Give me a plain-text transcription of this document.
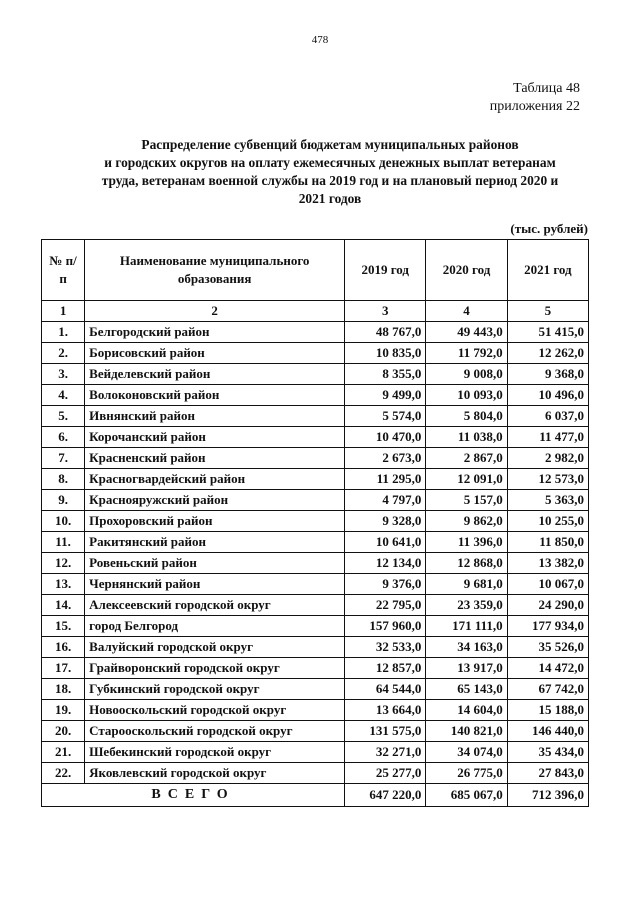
478
Таблица 48
приложения 22
Распределение субвенций бюджетам муниципальных районов
и городских округов на оплату ежемесячных денежных выплат ветеранам
труда, ветеранам военной службы на 2019 год и на плановый период 2020 и
2021 годов
(тыс. рублей)
№ п/п	Наименование муниципального образования	2019 год	2020 год	2021 год
1	2	3	4	5
1.	Белгородский район	48 767,0	49 443,0	51 415,0
2.	Борисовский район	10 835,0	11 792,0	12 262,0
3.	Вейделевский район	8 355,0	9 008,0	9 368,0
4.	Волоконовский район	9 499,0	10 093,0	10 496,0
5.	Ивнянский район	5 574,0	5 804,0	6 037,0
6.	Корочанский район	10 470,0	11 038,0	11 477,0
7.	Красненский район	2 673,0	2 867,0	2 982,0
8.	Красногвардейский район	11 295,0	12 091,0	12 573,0
9.	Краснояружский район	4 797,0	5 157,0	5 363,0
10.	Прохоровский район	9 328,0	9 862,0	10 255,0
11.	Ракитянский район	10 641,0	11 396,0	11 850,0
12.	Ровеньский район	12 134,0	12 868,0	13 382,0
13.	Чернянский район	9 376,0	9 681,0	10 067,0
14.	Алексеевский городской округ	22 795,0	23 359,0	24 290,0
15.	город Белгород	157 960,0	171 111,0	177 934,0
16.	Валуйский городской округ	32 533,0	34 163,0	35 526,0
17.	Грайворонский городской округ	12 857,0	13 917,0	14 472,0
18.	Губкинский городской округ	64 544,0	65 143,0	67 742,0
19.	Новооскольский городской округ	13 664,0	14 604,0	15 188,0
20.	Старооскольский городской округ	131 575,0	140 821,0	146 440,0
21.	Шебекинский городской округ	32 271,0	34 074,0	35 434,0
22.	Яковлевский городской округ	25 277,0	26 775,0	27 843,0
ВСЕГО		647 220,0	685 067,0	712 396,0
